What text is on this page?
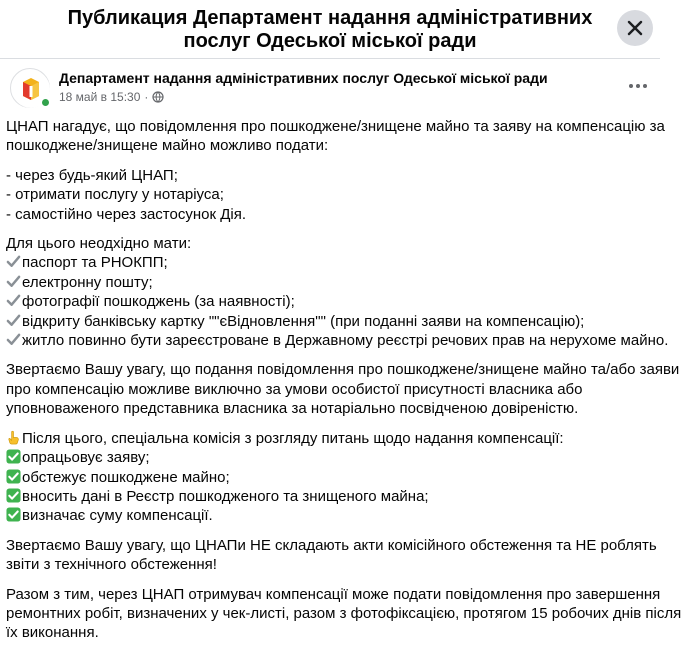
Публикация Департамент надання адміністративних
послуг Одеської міської ради
Департамент надання адміністративних послуг Одеської міської ради
18 май в 15:30 ·

ЦНАП нагадує, що повідомлення про пошкоджене/знищене майно та заяву на компенсацію за
пошкоджене/знищене майно можливо подати:

- через будь-який ЦНАП;
- отримати послугу у нотаріуса;
- самостійно через застосунок Дія.

Для цього неодхідно мати:
паспорт та РНОКПП;
електронну пошту;
фотографії пошкоджень (за наявності);
відкриту банківську картку ""єВідновлення"" (при поданні заяви на компенсацію);
житло повинно бути зареєстроване в Державному реєстрі речових прав на нерухоме майно.

Звертаємо Вашу увагу, що подання повідомлення про пошкоджене/знищене майно та/або заяви
про компенсацію можливе виключно за умови особистої присутності власника або
уповноваженого представника власника за нотаріально посвідченою довіреністю.

Після цього, спеціальна комісія з розгляду питань щодо надання компенсації:
опрацьовує заяву;
обстежує пошкоджене майно;
вносить дані в Реєстр пошкодженого та знищеного майна;
визначає суму компенсації.

Звертаємо Вашу увагу, що ЦНАПи НЕ складають акти комісійного обстеження та НЕ роблять
звіти з технічного обстеження!

Разом з тим, через ЦНАП отримувач компенсації може подати повідомлення про завершення
ремонтних робіт, визначених у чек-листі, разом з фотофіксацією, протягом 15 робочих днів після
їх виконання.
